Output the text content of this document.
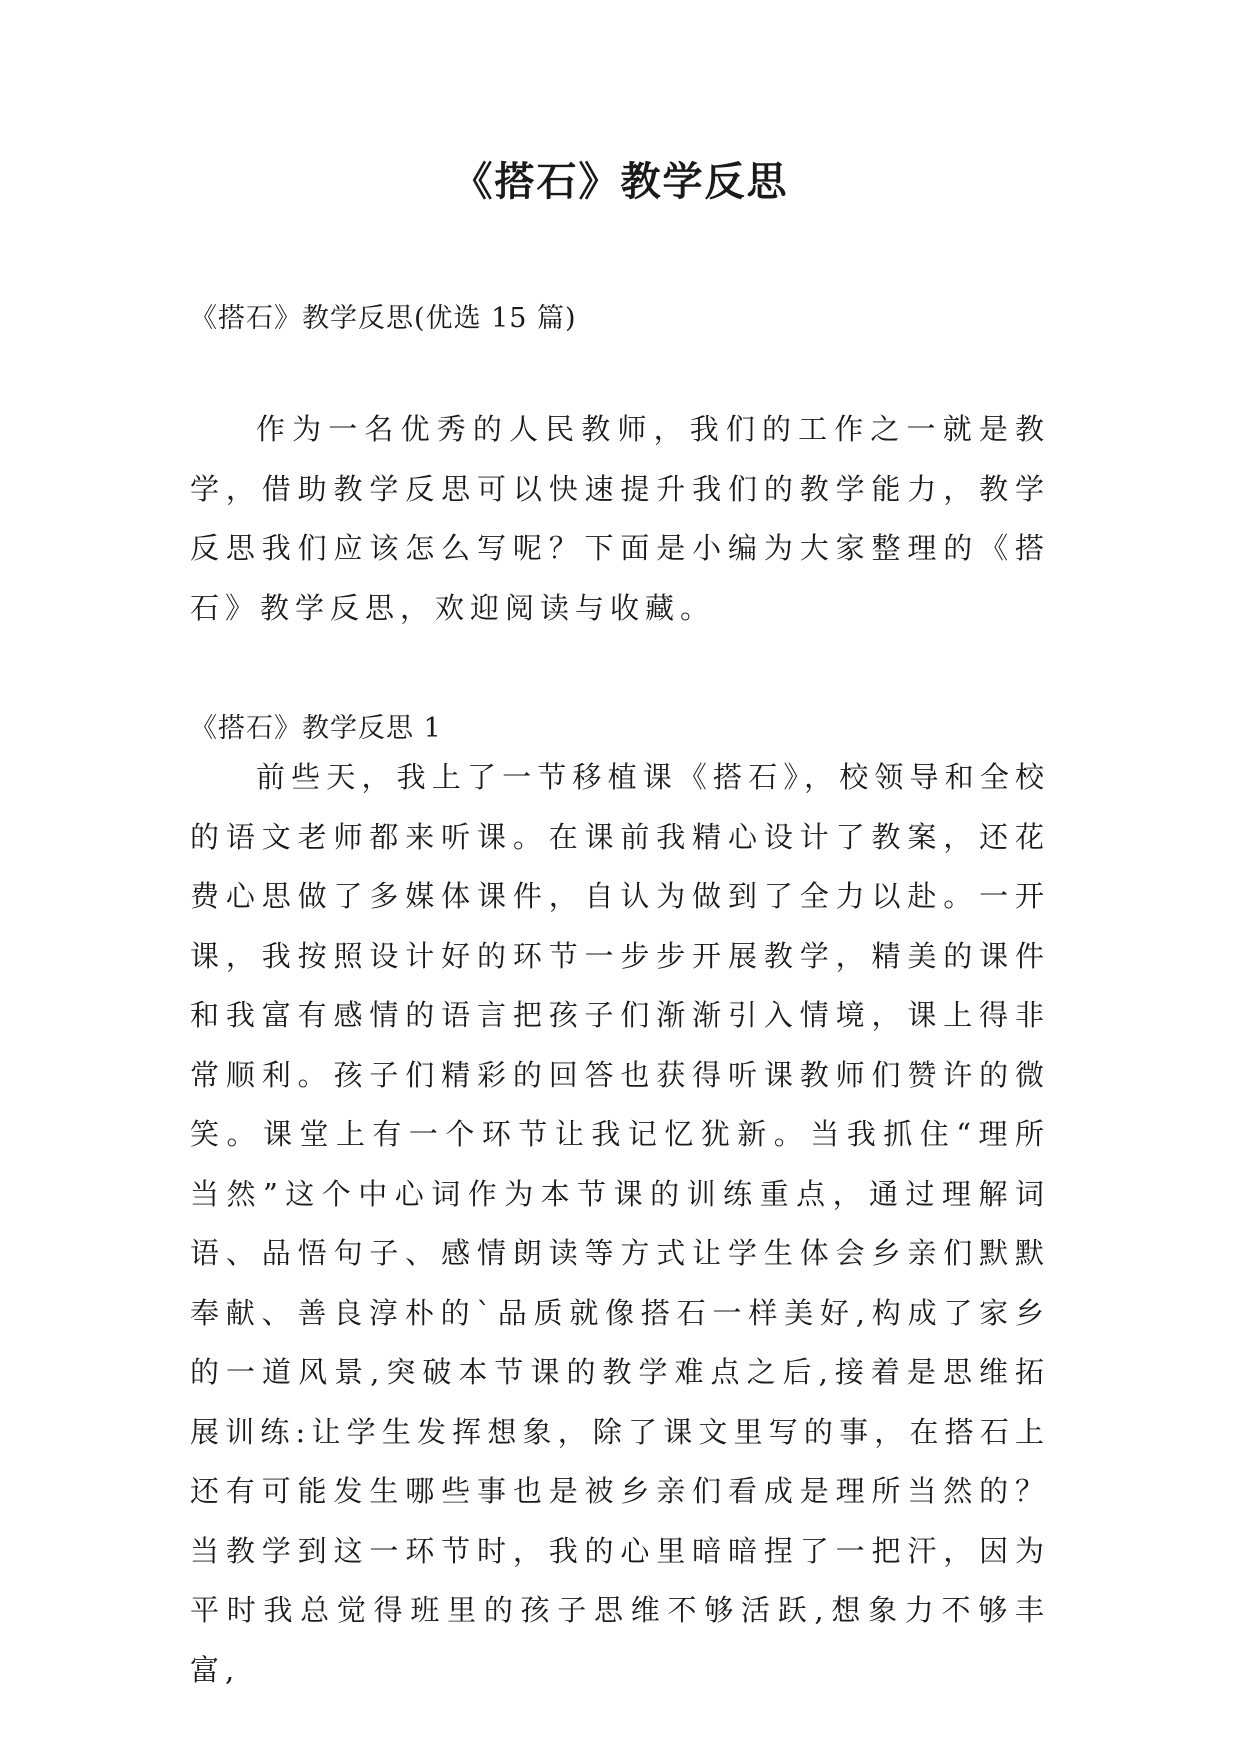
《搭石》教学反思

《搭石》教学反思(优选 15 篇)

作为一名优秀的人民教师，我们的工作之一就是教学，借助教学反思可以快速提升我们的教学能力，教学反思我们应该怎么写呢？下面是小编为大家整理的《搭石》教学反思，欢迎阅读与收藏。

《搭石》教学反思 1

前些天，我上了一节移植课《搭石》，校领导和全校的语文老师都来听课。在课前我精心设计了教案，还花费心思做了多媒体课件，自认为做到了全力以赴。一开课，我按照设计好的环节一步步开展教学，精美的课件和我富有感情的语言把孩子们渐渐引入情境，课上得非常顺利。孩子们精彩的回答也获得听课教师们赞许的微笑。课堂上有一个环节让我记忆犹新。当我抓住“理所当然”这个中心词作为本节课的训练重点，通过理解词语、品悟句子、感情朗读等方式让学生体会乡亲们默默奉献、善良淳朴的`品质就像搭石一样美好,构成了家乡的一道风景,突破本节课的教学难点之后,接着是思维拓展训练:让学生发挥想象，除了课文里写的事，在搭石上还有可能发生哪些事也是被乡亲们看成是理所当然的？当教学到这一环节时，我的心里暗暗捏了一把汗，因为平时我总觉得班里的孩子思维不够活跃,想象力不够丰富,
